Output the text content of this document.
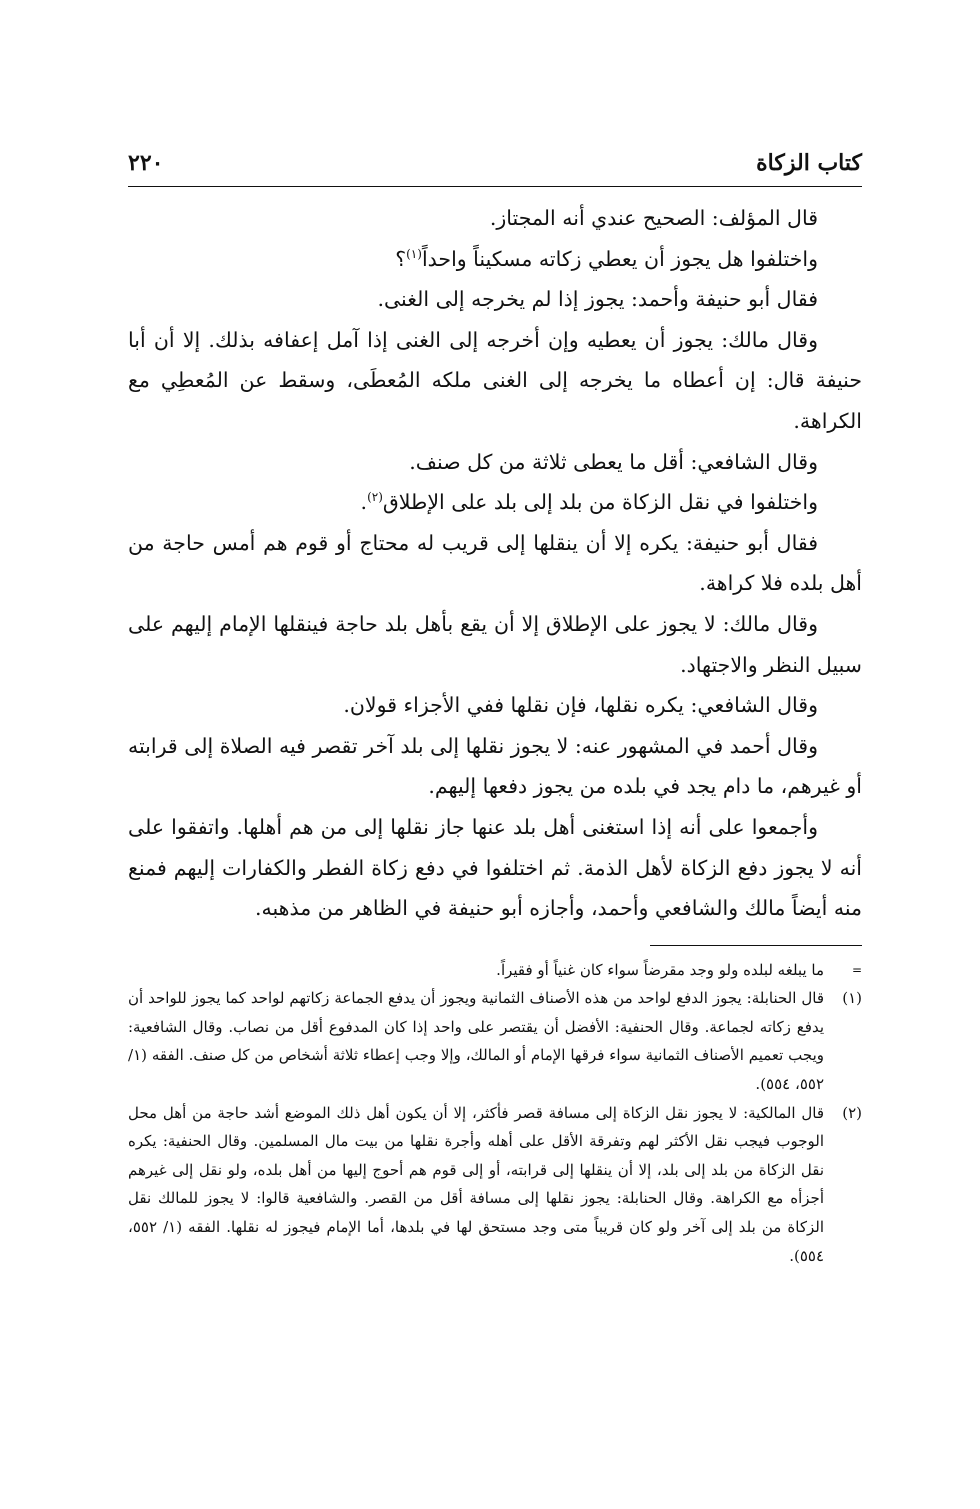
كتاب الزكاة
٢٢٠

قال المؤلف: الصحيح عندي أنه المجتاز.

واختلفوا هل يجوز أن يعطي زكاته مسكيناً واحداً$^{(١)}$؟

فقال أبو حنيفة وأحمد: يجوز إذا لم يخرجه إلى الغنى.

وقال مالك: يجوز أن يعطيه وإن أخرجه إلى الغنى إذا آمل إعفافه بذلك. إلا أن أبا حنيفة قال: إن أعطاه ما يخرجه إلى الغنى ملكه المُعطَى، وسقط عن المُعطِي مع الكراهة.

وقال الشافعي: أقل ما يعطى ثلاثة من كل صنف.

واختلفوا في نقل الزكاة من بلد إلى بلد على الإطلاق$^{(٢)}$.

فقال أبو حنيفة: يكره إلا أن ينقلها إلى قريب له محتاج أو قوم هم أمس حاجة من أهل بلده فلا كراهة.

وقال مالك: لا يجوز على الإطلاق إلا أن يقع بأهل بلد حاجة فينقلها الإمام إليهم على سبيل النظر والاجتهاد.

وقال الشافعي: يكره نقلها، فإن نقلها ففي الأجزاء قولان.

وقال أحمد في المشهور عنه: لا يجوز نقلها إلى بلد آخر تقصر فيه الصلاة إلى قرابته أو غيرهم، ما دام يجد في بلده من يجوز دفعها إليهم.

وأجمعوا على أنه إذا استغنى أهل بلد عنها جاز نقلها إلى من هم أهلها. واتفقوا على أنه لا يجوز دفع الزكاة لأهل الذمة. ثم اختلفوا في دفع زكاة الفطر والكفارات إليهم فمنع منه أيضاً مالك والشافعي وأحمد، وأجازه أبو حنيفة في الظاهر من مذهبه.

=
ما يبلغه لبلده ولو وجد مقرضاً سواء كان غنياً أو فقيراً.
(١)
قال الحنابلة: يجوز الدفع لواحد من هذه الأصناف الثمانية ويجوز أن يدفع الجماعة زكاتهم لواحد كما يجوز للواحد أن يدفع زكاته لجماعة. وقال الحنفية: الأفضل أن يقتصر على واحد إذا كان المدفوع أقل من نصاب. وقال الشافعية: ويجب تعميم الأصناف الثمانية سواء فرقها الإمام أو المالك، وإلا وجب إعطاء ثلاثة أشخاص من كل صنف. الفقه (١/ ٥٥٢، ٥٥٤).
(٢)
قال المالكية: لا يجوز نقل الزكاة إلى مسافة قصر فأكثر، إلا أن يكون أهل ذلك الموضع أشد حاجة من أهل محل الوجوب فيجب نقل الأكثر لهم وتفرقة الأقل على أهله وأجرة نقلها من بيت مال المسلمين. وقال الحنفية: يكره نقل الزكاة من بلد إلى بلد، إلا أن ينقلها إلى قرابته، أو إلى قوم هم أحوج إليها من أهل بلده، ولو نقل إلى غيرهم أجزأه مع الكراهة. وقال الحنابلة: يجوز نقلها إلى مسافة أقل من القصر. والشافعية قالوا: لا يجوز للمالك نقل الزكاة من بلد إلى آخر ولو كان قريباً متى وجد مستحق لها في بلدها، أما الإمام فيجوز له نقلها. الفقه (١/ ٥٥٢، ٥٥٤).
